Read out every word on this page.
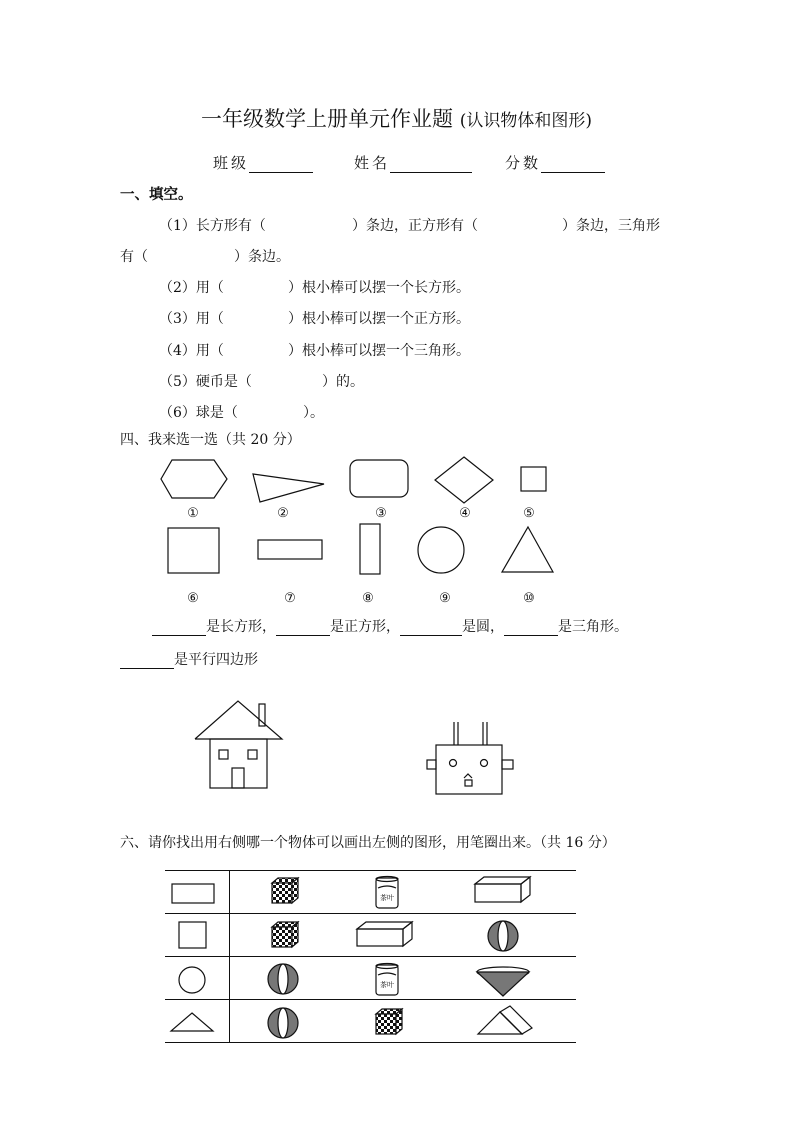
一年级数学上册单元作业题 (认识物体和图形)
班级	姓名	分数
一、填空。
（1）长方形有（	）条边，正方形有（	）条边，三角形
有（	）条边。
（2）用（	）根小棒可以摆一个长方形。
（3）用（	）根小棒可以摆一个正方形。
（4）用（	）根小棒可以摆一个三角形。
（5）硬币是（	）的。
（6）球是（	）。
四、我来选一选（共 20 分）
①	②	③	④	⑤
⑥	⑦	⑧	⑨	⑩
是长方形，	是正方形，	是圆，	是三角形。
是平行四边形
六、请你找出用右侧哪一个物体可以画出左侧的图形，用笔圈出来。（共 16 分）

茶叶
茶叶
